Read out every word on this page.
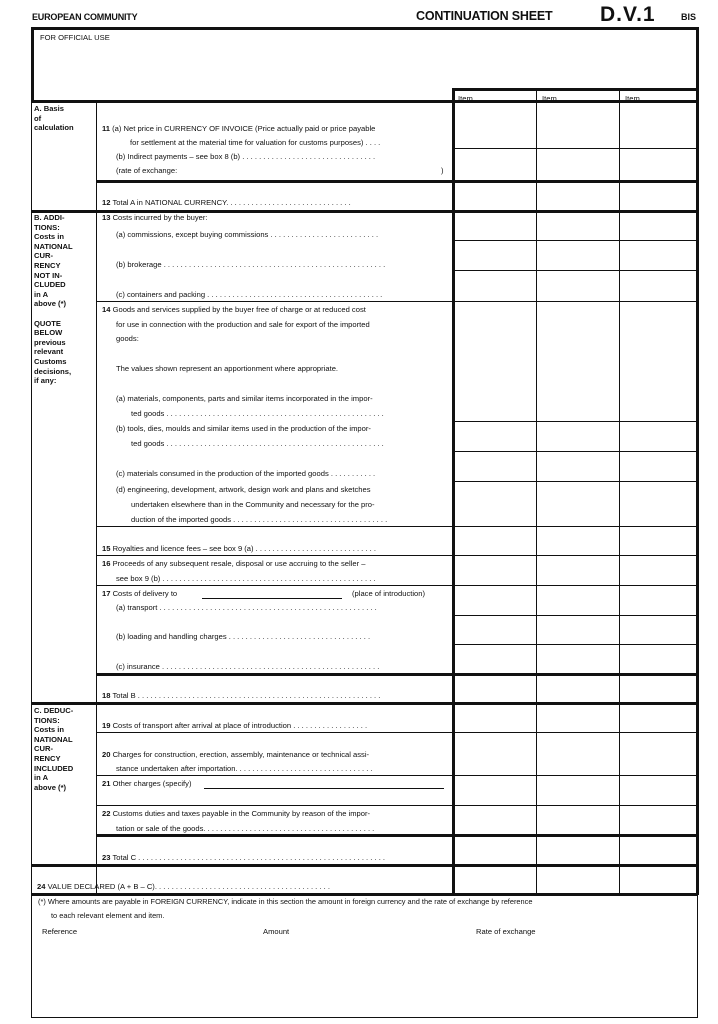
EUROPEAN COMMUNITY	CONTINUATION SHEET D.V.1	BIS
FOR OFFICIAL USE
Item	Item	Item
A. Basis
of
calculation	11 (a) Net price in CURRENCY OF INVOICE (Price actually paid or price payable
for settlement at the material time for valuation for customs purposes) . . . .
(b) Indirect payments – see box 8 (b) . . . . . . . . . . . . . . . . . . . . . . . . . . . . . . . .
(rate of exchange:	)
12 Total A in NATIONAL CURRENCY. . . . . . . . . . . . . . . . . . . . . . . . . . . . . .
B. ADDI-
TIONS:
Costs in
NATIONAL
CUR-
RENCY
NOT IN-
CLUDED
in A
above (*)

QUOTE
BELOW
previous
relevant
Customs
decisions,
if any:
13 Costs incurred by the buyer:
(a) commissions, except buying commissions . . . . . . . . . . . . . . . . . . . . . . . . . .
(b) brokerage . . . . . . . . . . . . . . . . . . . . . . . . . . . . . . . . . . . . . . . . . . . . . . . . . . . . .
(c) containers and packing . . . . . . . . . . . . . . . . . . . . . . . . . . . . . . . . . . . . . . . . . .
14 Goods and services supplied by the buyer free of charge or at reduced cost
for use in connection with the production and sale for export of the imported
goods:
The values shown represent an apportionment where appropriate.
(a) materials, components, parts and similar items incorporated in the impor-
ted goods . . . . . . . . . . . . . . . . . . . . . . . . . . . . . . . . . . . . . . . . . . . . . . . . . . . .
(b) tools, dies, moulds and similar items used in the production of the impor-
ted goods . . . . . . . . . . . . . . . . . . . . . . . . . . . . . . . . . . . . . . . . . . . . . . . . . . . .
(c) materials consumed in the production of the imported goods . . . . . . . . . . .
(d) engineering, development, artwork, design work and plans and sketches
undertaken elsewhere than in the Community and necessary for the pro-
duction of the imported goods . . . . . . . . . . . . . . . . . . . . . . . . . . . . . . . . . . . . .
15 Royalties and licence fees – see box 9 (a) . . . . . . . . . . . . . . . . . . . . . . . . . . . . .
16 Proceeds of any subsequent resale, disposal or use accruing to the seller –
see box 9 (b) . . . . . . . . . . . . . . . . . . . . . . . . . . . . . . . . . . . . . . . . . . . . . . . . . . .
17 Costs of delivery to	(place of introduction)
(a) transport . . . . . . . . . . . . . . . . . . . . . . . . . . . . . . . . . . . . . . . . . . . . . . . . . . . .
(b) loading and handling charges . . . . . . . . . . . . . . . . . . . . . . . . . . . . . . . . . .
(c) insurance . . . . . . . . . . . . . . . . . . . . . . . . . . . . . . . . . . . . . . . . . . . . . . . . . . . .
18 Total B . . . . . . . . . . . . . . . . . . . . . . . . . . . . . . . . . . . . . . . . . . . . . . . . . . . . . . . . . .
C. DEDUC-
TIONS:
Costs in
NATIONAL
CUR-
RENCY
INCLUDED
in A
above (*)
19 Costs of transport after arrival at place of introduction . . . . . . . . . . . . . . . . . .
20 Charges for construction, erection, assembly, maintenance or technical assi-
stance undertaken after importation. . . . . . . . . . . . . . . . . . . . . . . . . . . . . . . . .
21 Other charges (specify)
22 Customs duties and taxes payable in the Community by reason of the impor-
tation or sale of the goods. . . . . . . . . . . . . . . . . . . . . . . . . . . . . . . . . . . . . . . . .
23 Total C . . . . . . . . . . . . . . . . . . . . . . . . . . . . . . . . . . . . . . . . . . . . . . . . . . . . . . . . . . .
24 VALUE DECLARED (A + B – C). . . . . . . . . . . . . . . . . . . . . . . . . . . . . . . . . . . . . . . . . .
(*) Where amounts are payable in FOREIGN CURRENCY, indicate in this section the amount in foreign currency and the rate of exchange by reference
to each relevant element and item.
Reference	Amount	Rate of exchange
